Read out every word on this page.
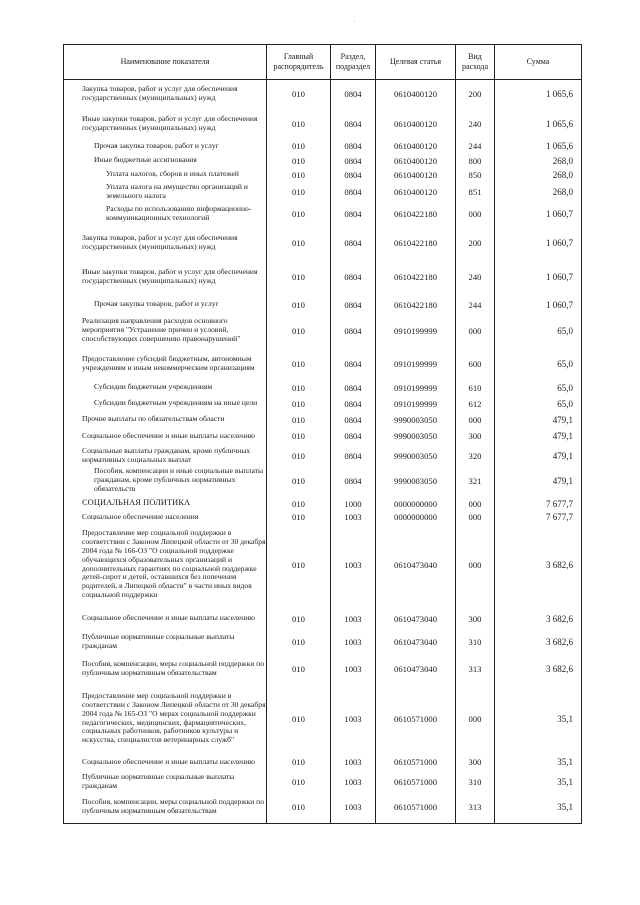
.
Наименование показателя	Главный распорядитель	Раздел, подраздел	Целевая статья	Вид расхода	Сумма

Закупка товаров, работ и услуг для обеспечения государственных (муниципальных) нужд	010	0804	0610400120	200	1 065,6

Иные закупки товаров, работ и услуг для обеспечения государственных (муниципальных) нужд	010	0804	0610400120	240	1 065,6

Прочая закупка товаров, работ и услуг	010	0804	0610400120	244	1 065,6

Иные бюджетные ассигнования	010	0804	0610400120	800	268,0

Уплата налогов, сборов и иных платежей	010	0804	0610400120	850	268,0

Уплата налога на имущество организаций и земельного налога	010	0804	0610400120	851	268,0

Расходы по использованию информационно-коммуникационных технологий	010	0804	0610422180	000	1 060,7

Закупка товаров, работ и услуг для обеспечения государственных (муниципальных) нужд	010	0804	0610422180	200	1 060,7

Иные закупки товаров, работ и услуг для обеспечения государственных (муниципальных) нужд	010	0804	0610422180	240	1 060,7

Прочая закупка товаров, работ и услуг	010	0804	0610422180	244	1 060,7

Реализация направления расходов основного мероприятия "Устранение причин и условий, способствующих совершению правонарушений"	010	0804	0910199999	000	65,0

Предоставление субсидий бюджетным, автономным учреждениям и иным некоммерческим организациям	010	0804	0910199999	600	65,0

Субсидии бюджетным учреждениям	010	0804	0910199999	610	65,0

Субсидии бюджетным учреждениям на иные цели	010	0804	0910199999	612	65,0

Прочие выплаты по обязательствам области	010	0804	9990003050	000	479,1

Социальное обеспечение и иные выплаты населению	010	0804	9990003050	300	479,1

Социальные выплаты гражданам, кроме публичных нормативных социальных выплат	010	0804	9990003050	320	479,1

Пособия, компенсации и иные социальные выплаты гражданам, кроме публичных нормативных обязательств	010	0804	9990003050	321	479,1

СОЦИАЛЬНАЯ ПОЛИТИКА	010	1000	0000000000	000	7 677,7

Социальное обеспечение населения	010	1003	0000000000	000	7 677,7

Предоставление мер социальной поддержки в соответствии с Законом Липецкой области от 30 декабря 2004 года № 166-ОЗ "О социальной поддержке обучающихся образовательных организаций и дополнительных гарантиях по социальной поддержке детей-сирот и детей, оставшихся без попечения родителей, в Липецкой области" в части иных видов социальной поддержки	010	1003	0610473040	000	3 682,6

Социальное обеспечение и иные выплаты населению	010	1003	0610473040	300	3 682,6

Публичные нормативные социальные выплаты гражданам	010	1003	0610473040	310	3 682,6

Пособия, компенсации, меры социальной поддержки по публичным нормативным обязательствам	010	1003	0610473040	313	3 682,6

Предоставление мер социальной поддержки в соответствии с Законом Липецкой области от 30 декабря 2004 года № 165-ОЗ "О мерах социальной поддержки педагогических, медицинских, фармацевтических, социальных работников, работников культуры и искусства, специалистов ветеринарных служб"	010	1003	0610571000	000	35,1

Социальное обеспечение и иные выплаты населению	010	1003	0610571000	300	35,1

Публичные нормативные социальные выплаты гражданам	010	1003	0610571000	310	35,1

Пособия, компенсации, меры социальной поддержки по публичным нормативным обязательствам	010	1003	0610571000	313	35,1
